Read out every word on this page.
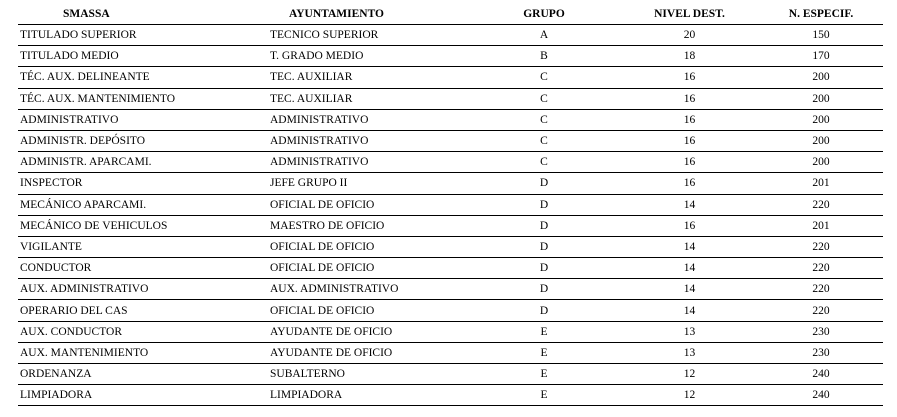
SMASSA	AYUNTAMIENTO	GRUPO	NIVEL DEST.	N. ESPECIF.
TITULADO SUPERIOR	TECNICO SUPERIOR	A	20	150
TITULADO MEDIO	T. GRADO MEDIO	B	18	170
TÉC. AUX. DELINEANTE	TEC. AUXILIAR	C	16	200
TÉC. AUX. MANTENIMIENTO	TEC. AUXILIAR	C	16	200
ADMINISTRATIVO	ADMINISTRATIVO	C	16	200
ADMINISTR. DEPÓSITO	ADMINISTRATIVO	C	16	200
ADMINISTR. APARCAMI.	ADMINISTRATIVO	C	16	200
INSPECTOR	JEFE GRUPO II	D	16	201
MECÁNICO APARCAMI.	OFICIAL DE OFICIO	D	14	220
MECÁNICO DE VEHICULOS	MAESTRO DE OFICIO	D	16	201
VIGILANTE	OFICIAL DE OFICIO	D	14	220
CONDUCTOR	OFICIAL DE OFICIO	D	14	220
AUX. ADMINISTRATIVO	AUX. ADMINISTRATIVO	D	14	220
OPERARIO DEL CAS	OFICIAL DE OFICIO	D	14	220
AUX. CONDUCTOR	AYUDANTE DE OFICIO	E	13	230
AUX. MANTENIMIENTO	AYUDANTE DE OFICIO	E	13	230
ORDENANZA	SUBALTERNO	E	12	240
LIMPIADORA	LIMPIADORA	E	12	240
